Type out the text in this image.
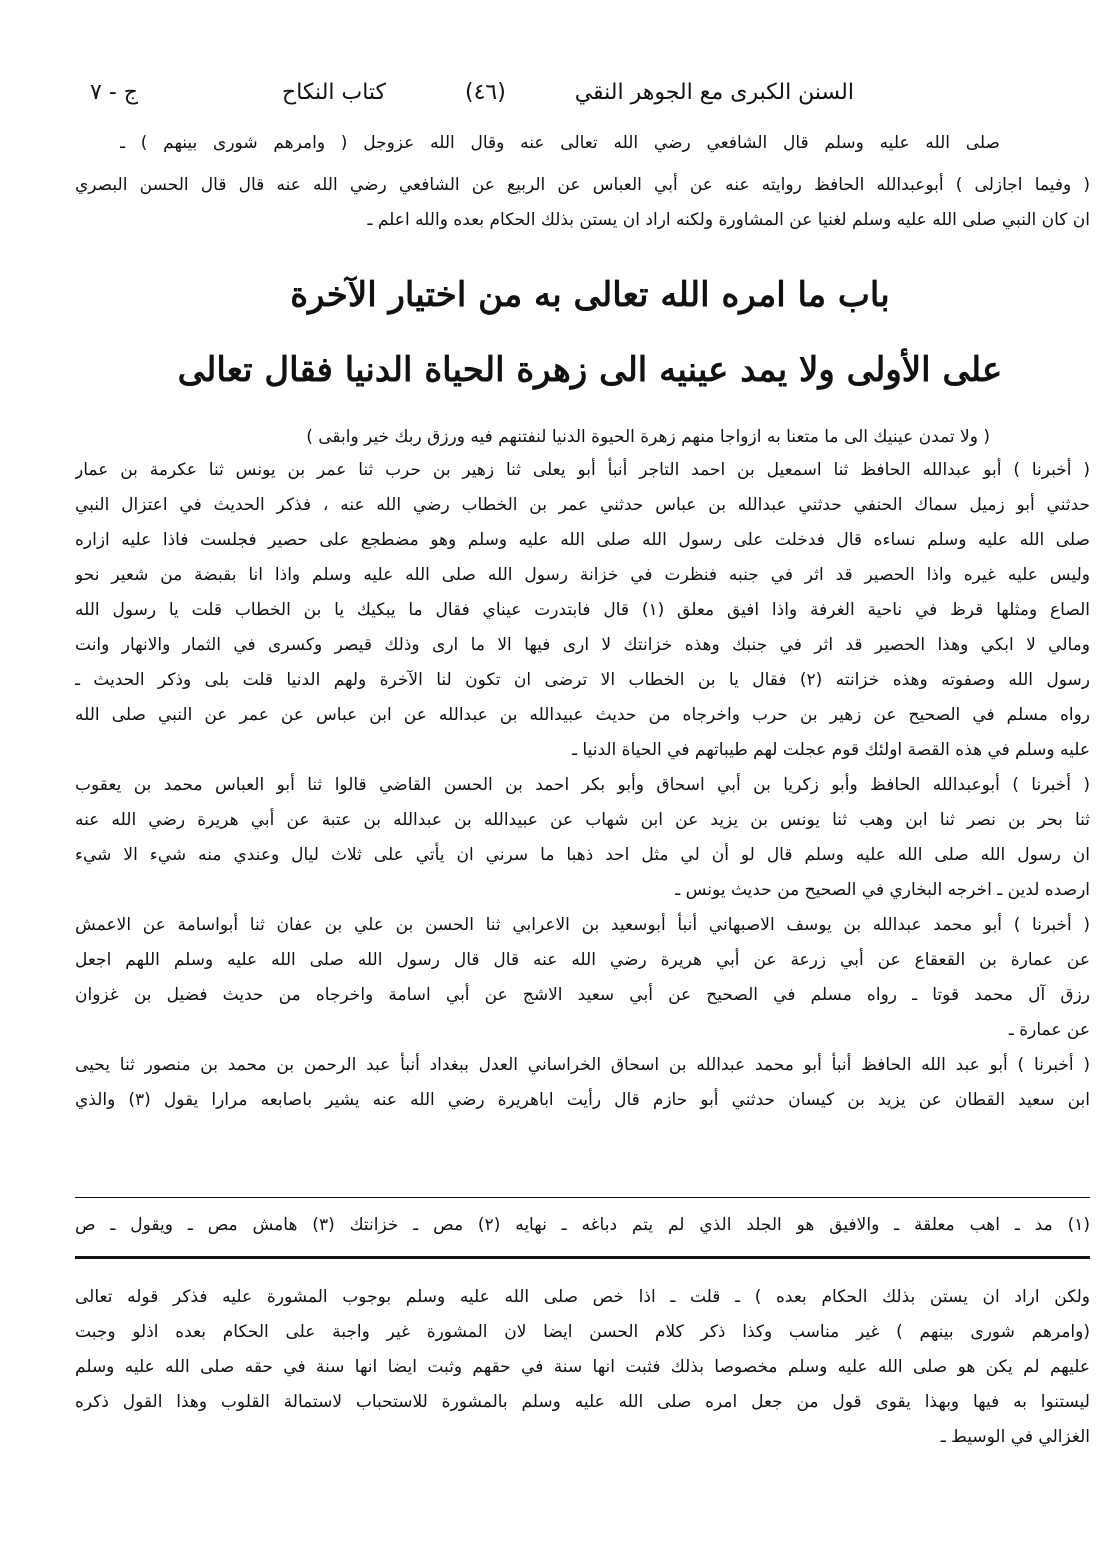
السنن الكبرى مع الجوهر النقي
(٤٦)
كتاب النكاح
ج - ٧
صلى الله عليه وسلم قال الشافعي رضي الله تعالى عنه وقال الله عزوجل ( وامرهم شورى بينهم ) ـ
( وفيما اجازلى ) أبوعبدالله الحافظ روايته عنه عن أبي العباس عن الربيع عن الشافعي رضي الله عنه قال قال الحسن البصري
ان كان النبي صلى الله عليه وسلم لغنيا عن المشاورة ولكنه اراد ان يستن بذلك الحكام بعده والله اعلم ـ
باب ما امره الله تعالى به من اختيار الآخرة
على الأولى ولا يمد عينيه الى زهرة الحياة الدنيا فقال تعالى
( ولا تمدن عينيك الى ما متعنا به ازواجا منهم زهرة الحيوة الدنيا لنفتنهم فيه ورزق ربك خير وابقى )
( أخبرنا ) أبو عبدالله الحافظ ثنا اسمعيل بن احمد التاجر أنبأ أبو يعلى ثنا زهير بن حرب ثنا عمر بن يونس ثنا عكرمة بن عمار
حدثني أبو زميل سماك الحنفي حدثني عبدالله بن عباس حدثني عمر بن الخطاب رضي الله عنه ، فذكر الحديث في اعتزال النبي
صلى الله عليه وسلم نساءه قال فدخلت على رسول الله صلى الله عليه وسلم وهو مضطجع على حصير فجلست فاذا عليه ازاره
وليس عليه غيره واذا الحصير قد اثر في جنبه فنظرت في خزانة رسول الله صلى الله عليه وسلم واذا انا بقبضة من شعير نحو
الصاع ومثلها قرظ في ناحية الغرفة واذا افيق معلق (١) قال فابتدرت عيناي فقال ما يبكيك يا بن الخطاب قلت يا رسول الله
ومالي لا ابكي وهذا الحصير قد اثر في جنبك وهذه خزانتك لا ارى فيها الا ما ارى وذلك قيصر وكسرى في الثمار والانهار وانت
رسول الله وصفوته وهذه خزانته (٢) فقال يا بن الخطاب الا ترضى ان تكون لنا الآخرة ولهم الدنيا قلت بلى وذكر الحديث ـ
رواه مسلم في الصحيح عن زهير بن حرب واخرجاه من حديث عبيدالله بن عبدالله عن ابن عباس عن عمر عن النبي صلى الله
عليه وسلم في هذه القصة اولئك قوم عجلت لهم طيباتهم في الحياة الدنيا ـ
( أخبرنا ) أبوعبدالله الحافظ وأبو زكريا بن أبي اسحاق وأبو بكر احمد بن الحسن القاضي قالوا ثنا أبو العباس محمد بن يعقوب
ثنا بحر بن نصر ثنا ابن وهب ثنا يونس بن يزيد عن ابن شهاب عن عبيدالله بن عبدالله بن عتبة عن أبي هريرة رضي الله عنه
ان رسول الله صلى الله عليه وسلم قال لو أن لي مثل احد ذهبا ما سرني ان يأتي على ثلاث ليال وعندي منه شيء الا شيء
ارصده لدين ـ اخرجه البخاري في الصحيح من حديث يونس ـ
( أخبرنا ) أبو محمد عبدالله بن يوسف الاصبهاني أنبأ أبوسعيد بن الاعرابي ثنا الحسن بن علي بن عفان ثنا أبواسامة عن الاعمش
عن عمارة بن القعقاع عن أبي زرعة عن أبي هريرة رضي الله عنه قال قال رسول الله صلى الله عليه وسلم اللهم اجعل
رزق آل محمد قوتا ـ رواه مسلم في الصحيح عن أبي سعيد الاشج عن أبي اسامة واخرجاه من حديث فضيل بن غزوان
عن عمارة ـ
( أخبرنا ) أبو عبد الله الحافظ أنبأ أبو محمد عبدالله بن اسحاق الخراساني العدل ببغداد أنبأ عبد الرحمن بن محمد بن منصور ثنا يحيى
ابن سعيد القطان عن يزيد بن كيسان حدثني أبو حازم قال رأيت اباهريرة رضي الله عنه يشير باصابعه مرارا يقول (٣) والذي
(١) مد ـ اهب معلقة ـ والافيق هو الجلد الذي لم يتم دباغه ـ نهايه (٢) مص ـ خزانتك (٣) هامش مص ـ ويقول ـ ص
ولكن اراد ان يستن بذلك الحكام بعده ) ـ قلت ـ اذا خص صلى الله عليه وسلم بوجوب المشورة عليه فذكر قوله تعالى
(وامرهم شورى بينهم ) غير مناسب وكذا ذكر كلام الحسن ايضا لان المشورة غير واجبة على الحكام بعده اذلو وجبت
عليهم لم يكن هو صلى الله عليه وسلم مخصوصا بذلك فثبت انها سنة في حقهم وثبت ايضا انها سنة في حقه صلى الله عليه وسلم
ليستنوا به فيها وبهذا يقوى قول من جعل امره صلى الله عليه وسلم بالمشورة للاستحباب لاستمالة القلوب وهذا القول ذكره
الغزالي في الوسيط ـ
